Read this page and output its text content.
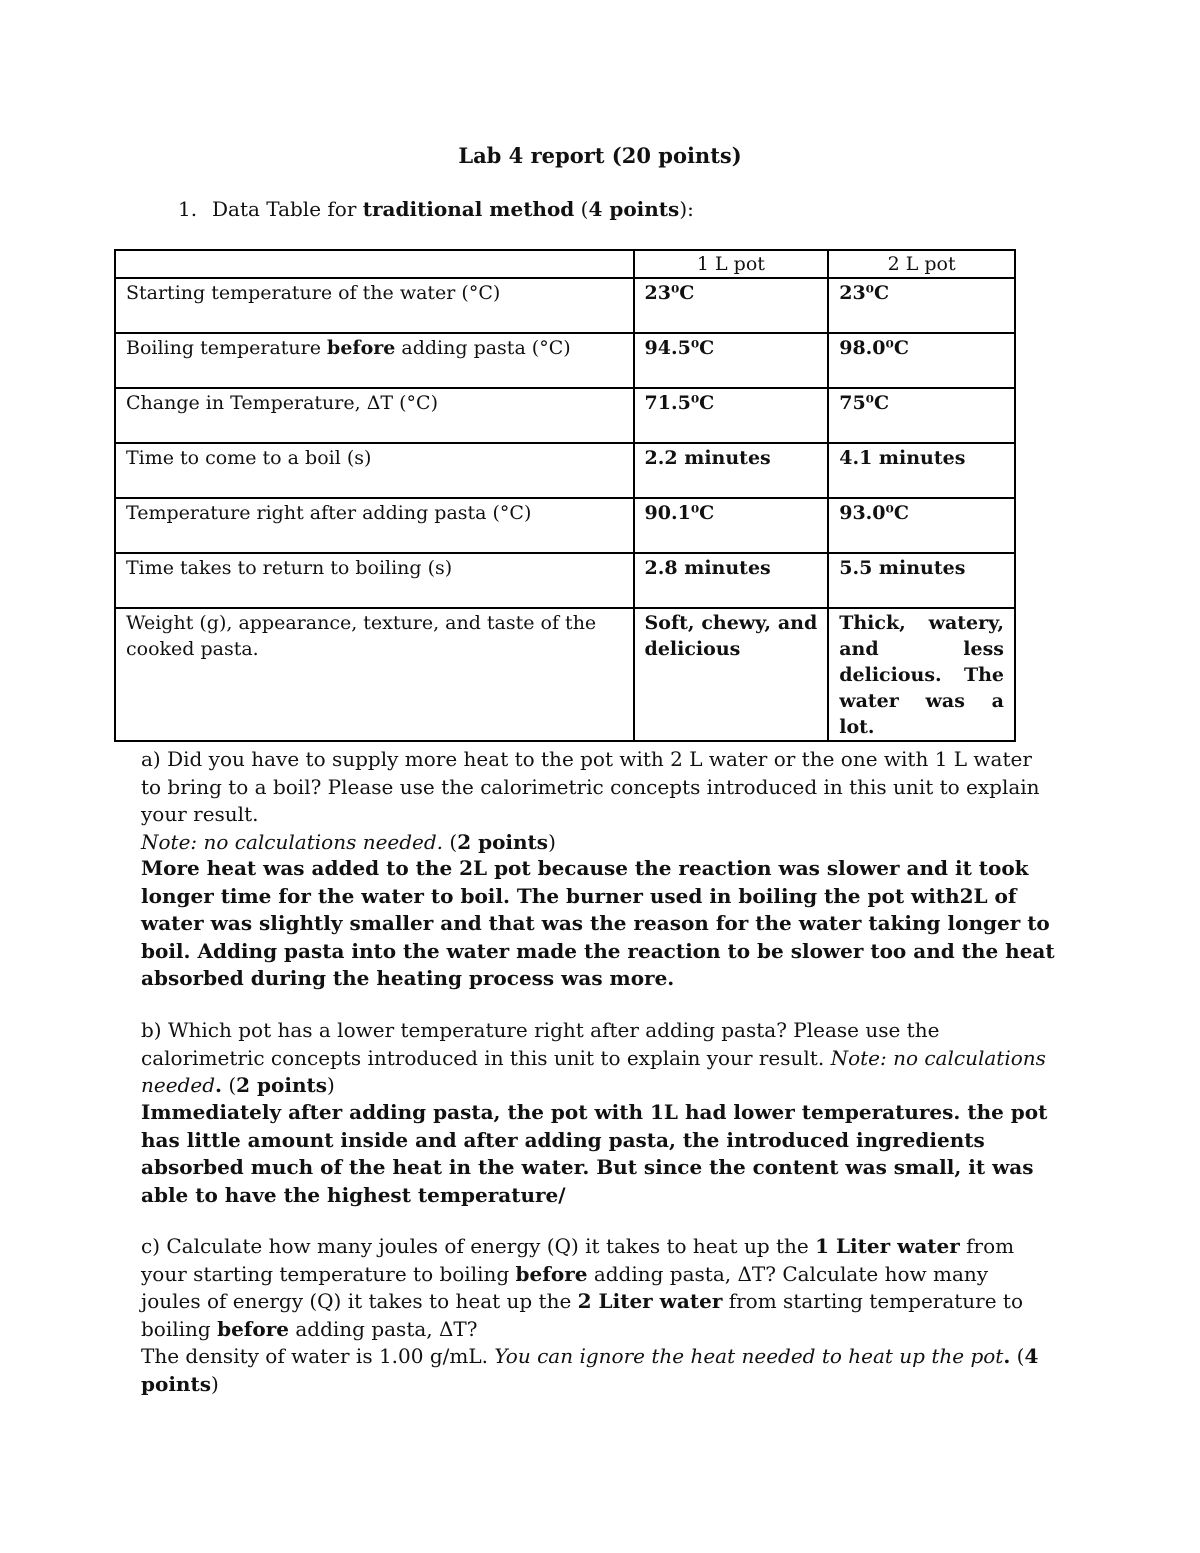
Lab 4 report (20 points)
1. Data Table for traditional method (4 points):
	1 L pot	2 L pot
Starting temperature of the water (°C)	23⁰C	23⁰C
Boiling temperature before adding pasta (°C)	94.5⁰C	98.0⁰C
Change in Temperature, ΔT (°C)	71.5⁰C	75⁰C
Time to come to a boil (s)	2.2 minutes	4.1 minutes
Temperature right after adding pasta (°C)	90.1⁰C	93.0⁰C
Time takes to return to boiling (s)	2.8 minutes	5.5 minutes
Weight (g), appearance, texture, and taste of the cooked pasta.	Soft, chewy, and delicious	Thick, watery, and less delicious. The water was a lot.
a) Did you have to supply more heat to the pot with 2 L water or the one with 1 L water to bring to a boil? Please use the calorimetric concepts introduced in this unit to explain your result.
Note: no calculations needed. (2 points)
More heat was added to the 2L pot because the reaction was slower and it took longer time for the water to boil. The burner used in boiling the pot with2L of water was slightly smaller and that was the reason for the water taking longer to boil. Adding pasta into the water made the reaction to be slower too and the heat absorbed during the heating process was more.
b) Which pot has a lower temperature right after adding pasta? Please use the calorimetric concepts introduced in this unit to explain your result. Note: no calculations needed. (2 points)
Immediately after adding pasta, the pot with 1L had lower temperatures. the pot has little amount inside and after adding pasta, the introduced ingredients absorbed much of the heat in the water. But since the content was small, it was able to have the highest temperature/
c) Calculate how many joules of energy (Q) it takes to heat up the 1 Liter water from your starting temperature to boiling before adding pasta, ΔT? Calculate how many joules of energy (Q) it takes to heat up the 2 Liter water from starting temperature to boiling before adding pasta, ΔT?
The density of water is 1.00 g/mL. You can ignore the heat needed to heat up the pot. (4 points)
